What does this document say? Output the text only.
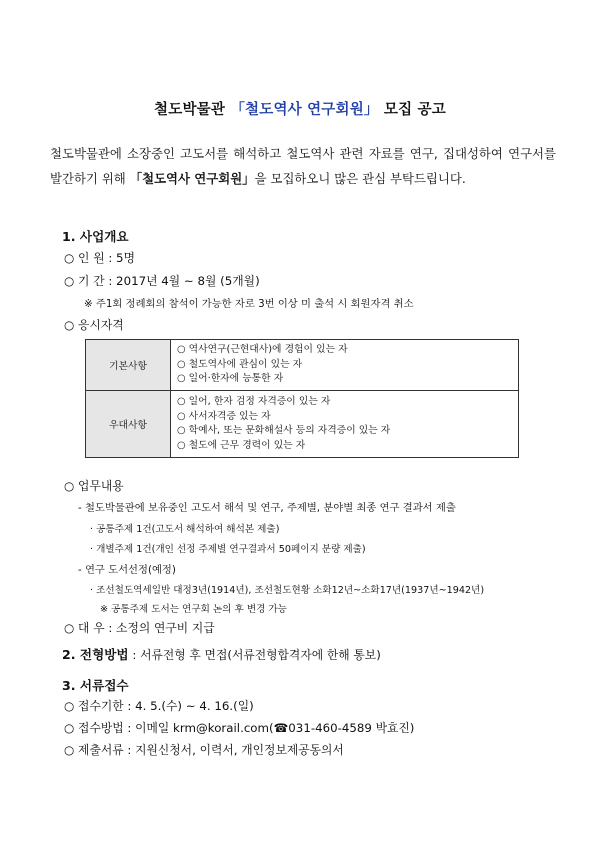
철도박물관 「철도역사 연구회원」 모집 공고

철도박물관에 소장중인 고도서를 해석하고 철도역사 관련 자료를 연구, 집대성하여 연구서를 발간하기 위해 「철도역사 연구회원」을 모집하오니 많은 관심 부탁드립니다.

1. 사업개요
○ 인 원 : 5명
○ 기 간 : 2017년 4월 ~ 8월 (5개월)
※ 주1회 정례회의 참석이 가능한 자로 3번 이상 미 출석 시 회원자격 취소
○ 응시자격
기본사항	○ 역사연구(근현대사)에 경험이 있는 자
○ 철도역사에 관심이 있는 자
○ 일어·한자에 능통한 자

우대사항	○ 일어, 한자 검정 자격증이 있는 자
○ 사서자격증 있는 자
○ 학예사, 또는 문화해설사 등의 자격증이 있는 자
○ 철도에 근무 경력이 있는 자
○ 업무내용
- 철도박물관에 보유중인 고도서 해석 및 연구, 주제별, 분야별 최종 연구 결과서 제출
· 공통주제 1건(고도서 해석하여 해석본 제출)
· 개별주제 1건(개인 선정 주제별 연구결과서 50페이지 분량 제출)
- 연구 도서선정(예정)
· 조선철도역세일반 대정3년(1914년), 조선철도현황 소화12년~소화17년(1937년~1942년)
※ 공통주제 도서는 연구회 논의 후 변경 가능
○ 대 우 : 소정의 연구비 지급
2. 전형방법 : 서류전형 후 면접(서류전형합격자에 한해 통보)
3. 서류접수
○ 접수기한 : 4. 5.(수) ~ 4. 16.(일)
○ 접수방법 : 이메일 krm@korail.com(☎031-460-4589 박효진)
○ 제출서류 : 지원신청서, 이력서, 개인정보제공동의서
